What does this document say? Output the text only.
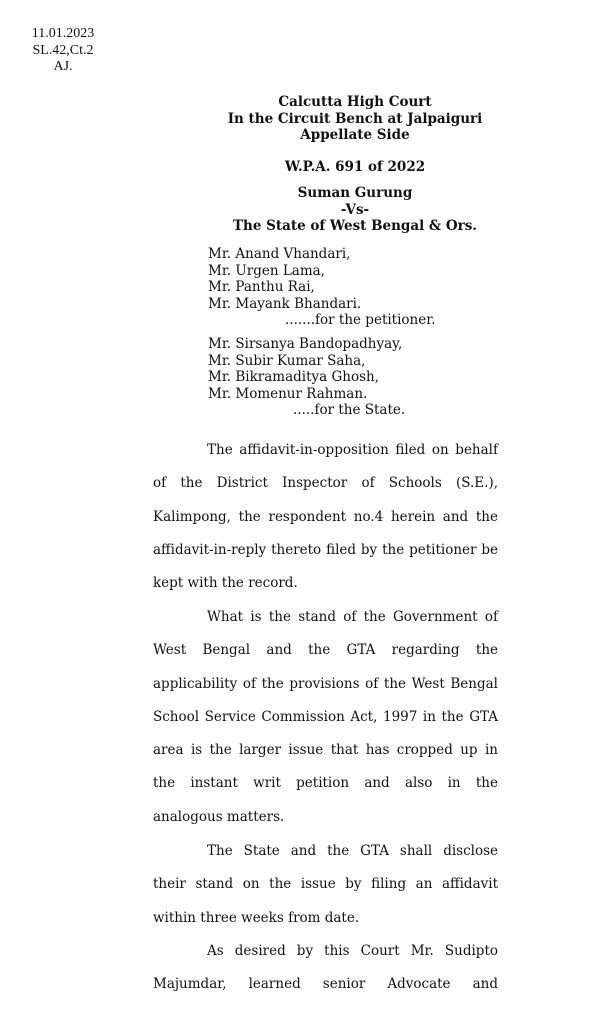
11.01.2023
SL.42,Ct.2
AJ.
Calcutta High Court
In the Circuit Bench at Jalpaiguri
Appellate Side
W.P.A. 691 of 2022
Suman Gurung
-Vs-
The State of West Bengal & Ors.
Mr. Anand Vhandari,
Mr. Urgen Lama,
Mr. Panthu Rai,
Mr. Mayank Bhandari.
.......for the petitioner.
Mr. Sirsanya Bandopadhyay,
Mr. Subir Kumar Saha,
Mr. Bikramaditya Ghosh,
Mr. Momenur Rahman.
.....for the State.
The affidavit-in-opposition filed on behalf
of the District Inspector of Schools (S.E.),
Kalimpong, the respondent no.4 herein and the
affidavit-in-reply thereto filed by the petitioner be
kept with the record.
What is the stand of the Government of
West Bengal and the GTA regarding the
applicability of the provisions of the West Bengal
School Service Commission Act, 1997 in the GTA
area is the larger issue that has cropped up in
the instant writ petition and also in the
analogous matters.
The State and the GTA shall disclose
their stand on the issue by filing an affidavit
within three weeks from date.
As desired by this Court Mr. Sudipto
Majumdar, learned senior Advocate and
